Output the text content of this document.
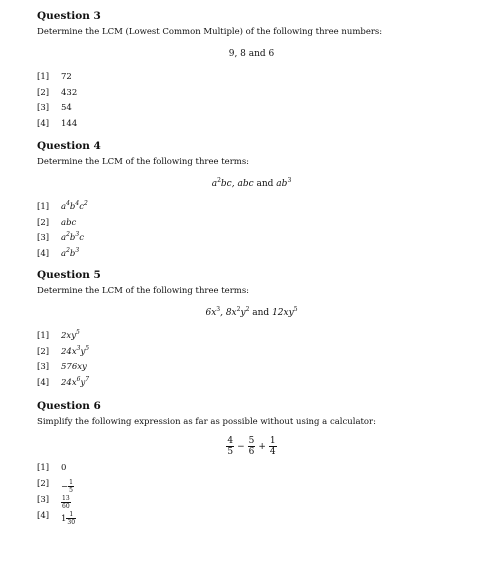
Question 3
Determine the LCM (Lowest Common Multiple) of the following three numbers:
9, 8 and 6
[1]	72
[2]	432
[3]	54
[4]	144
Question 4
Determine the LCM of the following three terms:
$a^2bc$, abc and $ab^3$
[1]	$a^4b^4c^2$
[2]	abc
[3]	$a^2b^3c$
[4]	$a^2b^3$
Question 5
Determine the LCM of the following three terms:
$6x^3$, $8x^2y^2$ and $12xy^5$
[1]	$2xy^5$
[2]	$24x^3y^5$
[3]	576xy
[4]	$24x^6y^7$
Question 6
Simplify the following expression as far as possible without using a calculator:
$\frac{4}{5} - \frac{5}{6} + \frac{1}{4}$
[1]	0
[2]	− $\frac{1}{5}$
[3]	$\frac{13}{60}$
[4]	$1 \frac{1}{30}$
